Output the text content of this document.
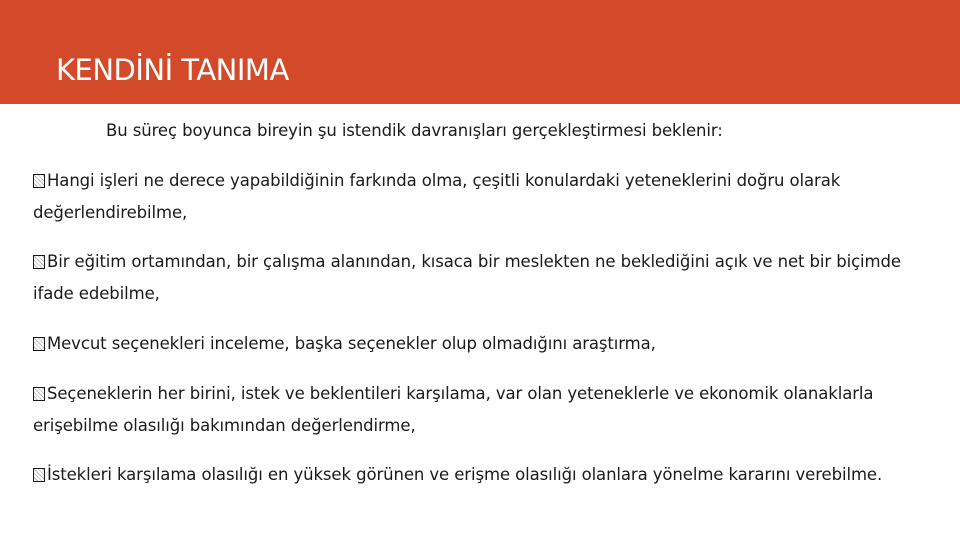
KENDİNİ TANIMA
Bu süreç boyunca bireyin şu istendik davranışları gerçekleştirmesi beklenir:
Hangi işleri ne derece yapabildiğinin farkında olma, çeşitli konulardaki yeteneklerini doğru olarak değerlendirebilme,
Bir eğitim ortamından, bir çalışma alanından, kısaca bir meslekten ne beklediğini açık ve net bir biçimde ifade edebilme,
Mevcut seçenekleri inceleme, başka seçenekler olup olmadığını araştırma,
Seçeneklerin her birini, istek ve beklentileri karşılama, var olan yeteneklerle ve ekonomik olanaklarla erişebilme olasılığı bakımından değerlendirme,
İstekleri karşılama olasılığı en yüksek görünen ve erişme olasılığı olanlara yönelme kararını verebilme.
